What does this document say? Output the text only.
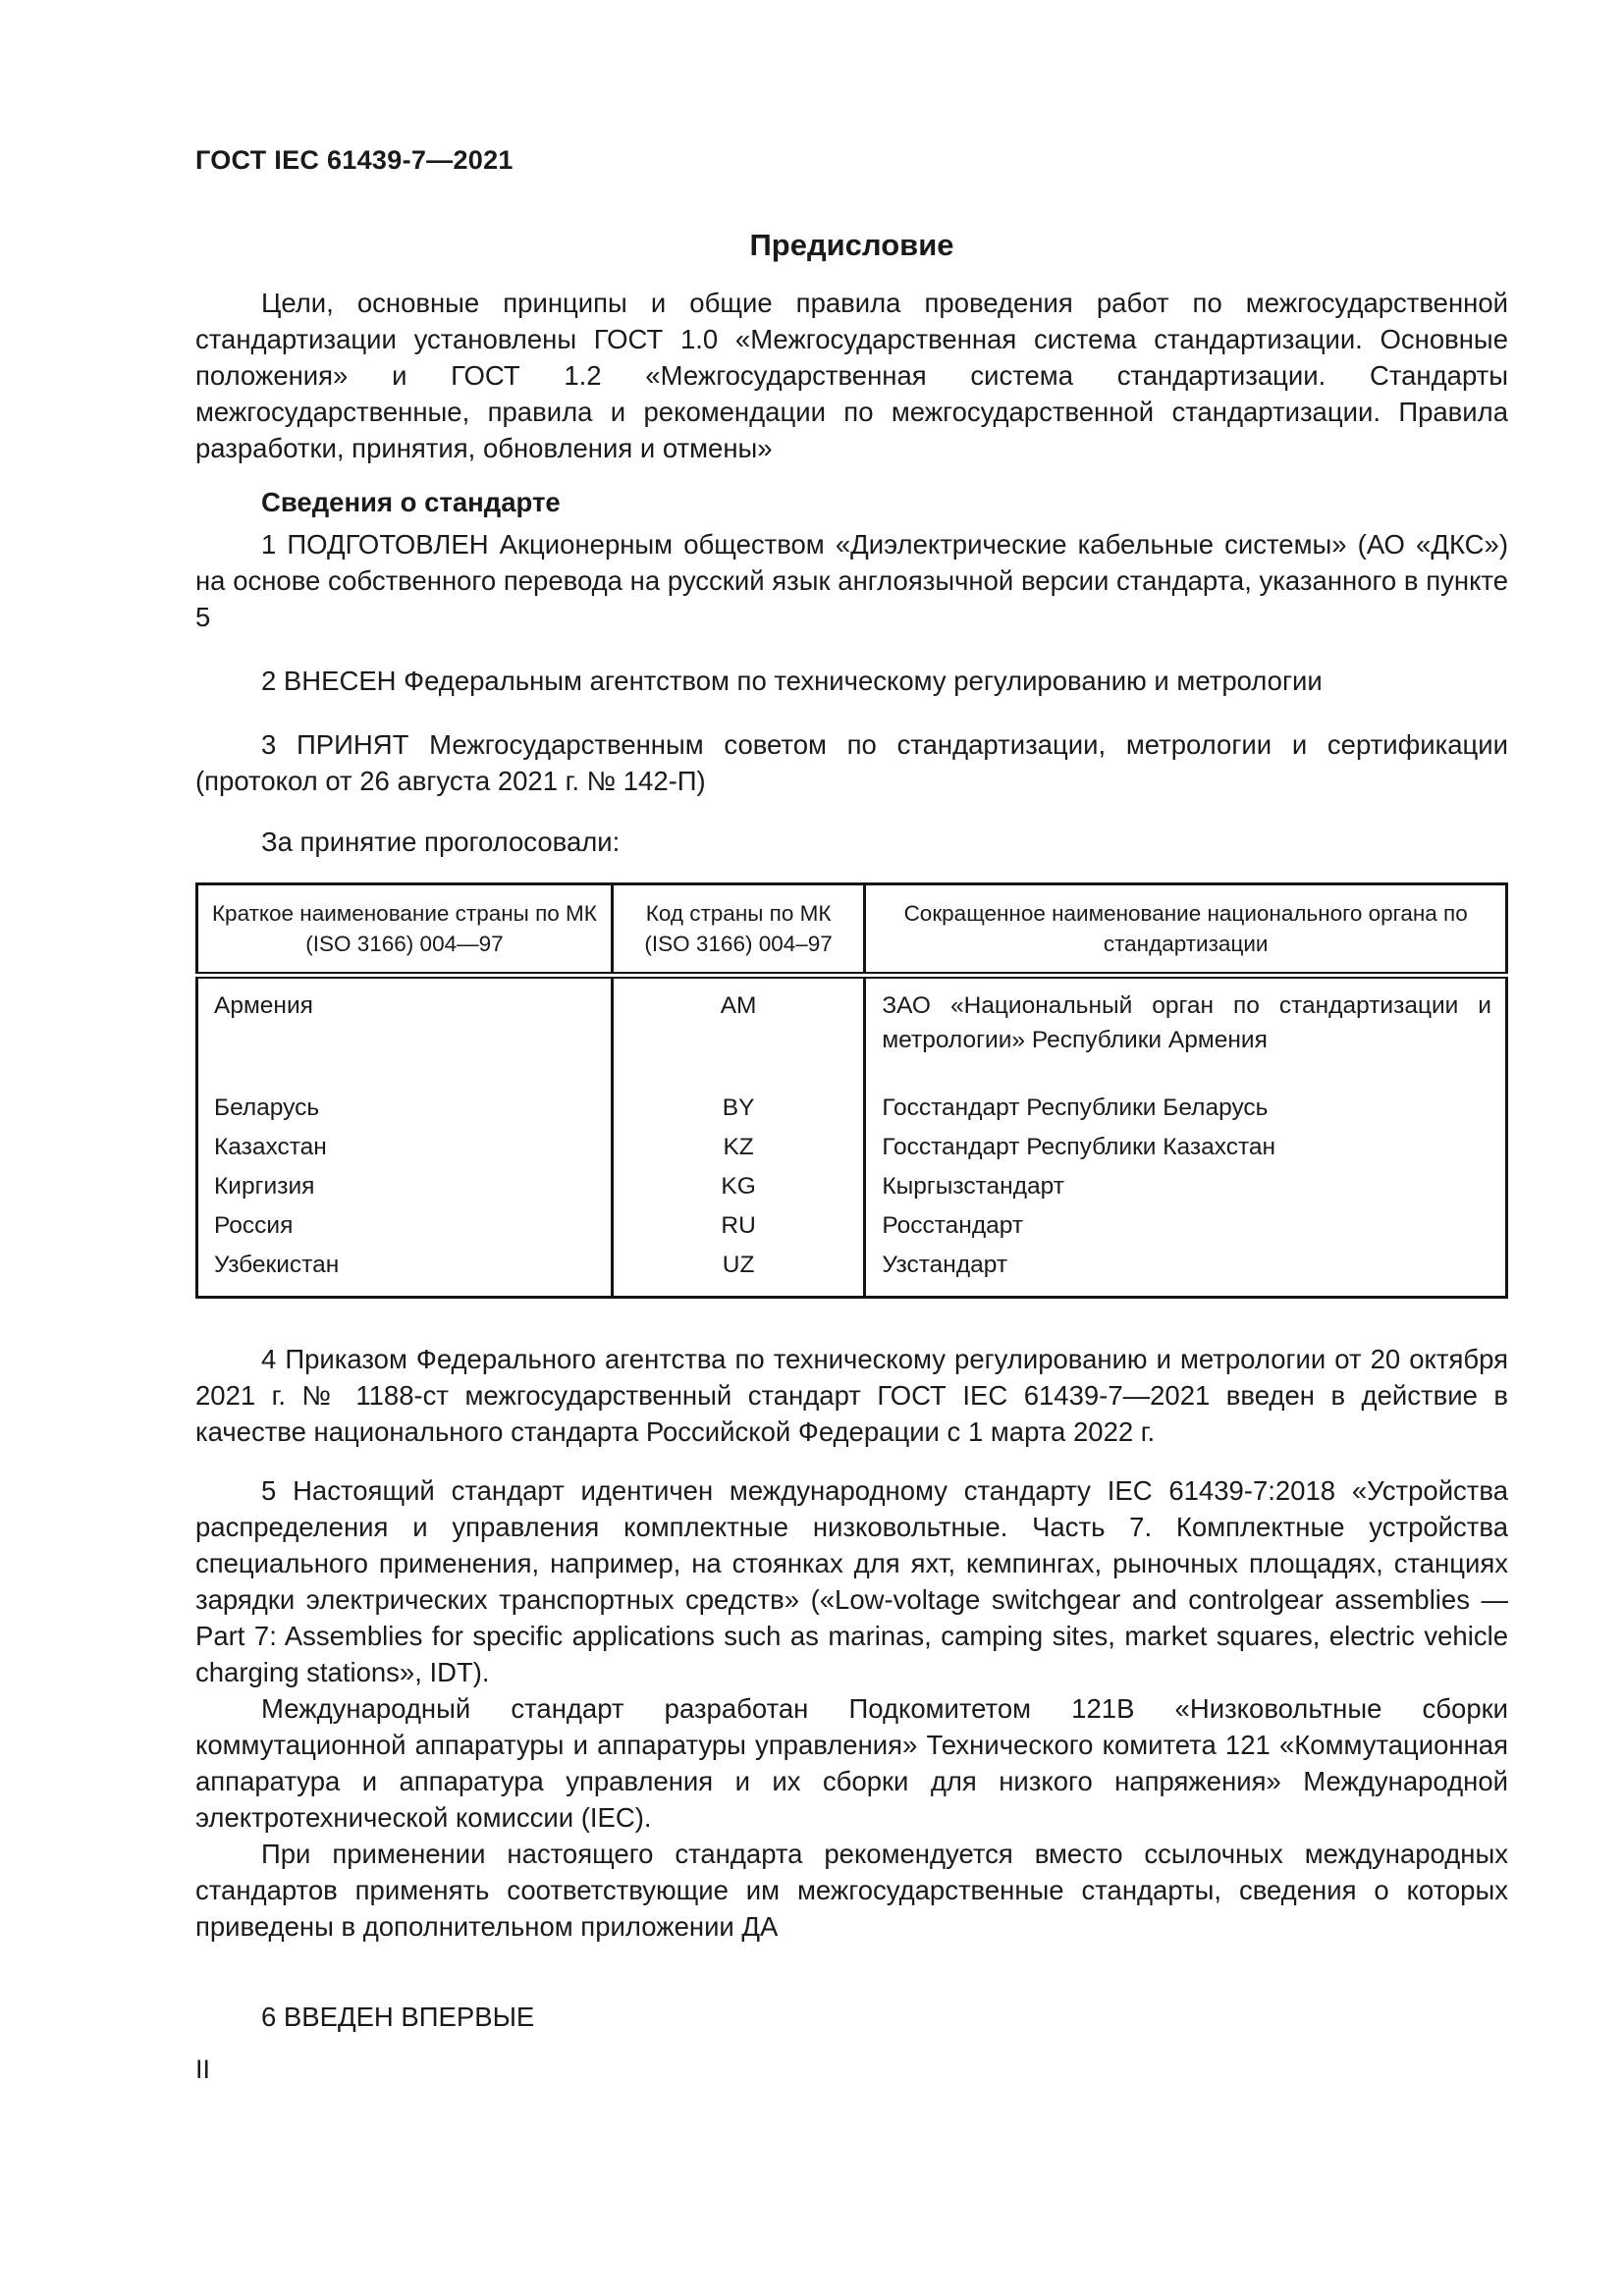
ГОСТ IEC 61439-7—2021
Предисловие

Цели, основные принципы и общие правила проведения работ по межгосударственной стандартизации установлены ГОСТ 1.0 «Межгосударственная система стандартизации. Основные положения» и ГОСТ 1.2 «Межгосударственная система стандартизации. Стандарты межгосударственные, правила и рекомендации по межгосударственной стандартизации. Правила разработки, принятия, обновления и отмены»

Сведения о стандарте

1 ПОДГОТОВЛЕН Акционерным обществом «Диэлектрические кабельные системы» (АО «ДКС») на основе собственного перевода на русский язык англоязычной версии стандарта, указанного в пункте 5

2 ВНЕСЕН Федеральным агентством по техническому регулированию и метрологии

3 ПРИНЯТ Межгосударственным советом по стандартизации, метрологии и сертификации (протокол от 26 августа 2021 г. № 142-П)

За принятие проголосовали:

Краткое наименование страны по МК (ISO 3166) 004—97	Код страны по МК (ISO 3166) 004–97	Сокращенное наименование национального органа по стандартизации
Армения	AM	ЗАО «Национальный орган по стандартизации и метрологии» Республики Армения
Беларусь	BY	Госстандарт Республики Беларусь
Казахстан	KZ	Госстандарт Республики Казахстан
Киргизия	KG	Кыргызстандарт
Россия	RU	Росстандарт
Узбекистан	UZ	Узстандарт

4 Приказом Федерального агентства по техническому регулированию и метрологии от 20 октября 2021 г. № 1188-ст межгосударственный стандарт ГОСТ IEC 61439-7—2021 введен в действие в качестве национального стандарта Российской Федерации с 1 марта 2022 г.

5 Настоящий стандарт идентичен международному стандарту IEC 61439-7:2018 «Устройства распределения и управления комплектные низковольтные. Часть 7. Комплектные устройства специального применения, например, на стоянках для яхт, кемпингах, рыночных площадях, станциях зарядки электрических транспортных средств» («Low-voltage switchgear and controlgear assemblies — Part 7: Assemblies for specific applications such as marinas, camping sites, market squares, electric vehicle charging stations», IDT).

Международный стандарт разработан Подкомитетом 121B «Низковольтные сборки коммутационной аппаратуры и аппаратуры управления» Технического комитета 121 «Коммутационная аппаратура и аппаратура управления и их сборки для низкого напряжения» Международной электротехнической комиссии (IEC).

При применении настоящего стандарта рекомендуется вместо ссылочных международных стандартов применять соответствующие им межгосударственные стандарты, сведения о которых приведены в дополнительном приложении ДА

6 ВВЕДЕН ВПЕРВЫЕ

II
